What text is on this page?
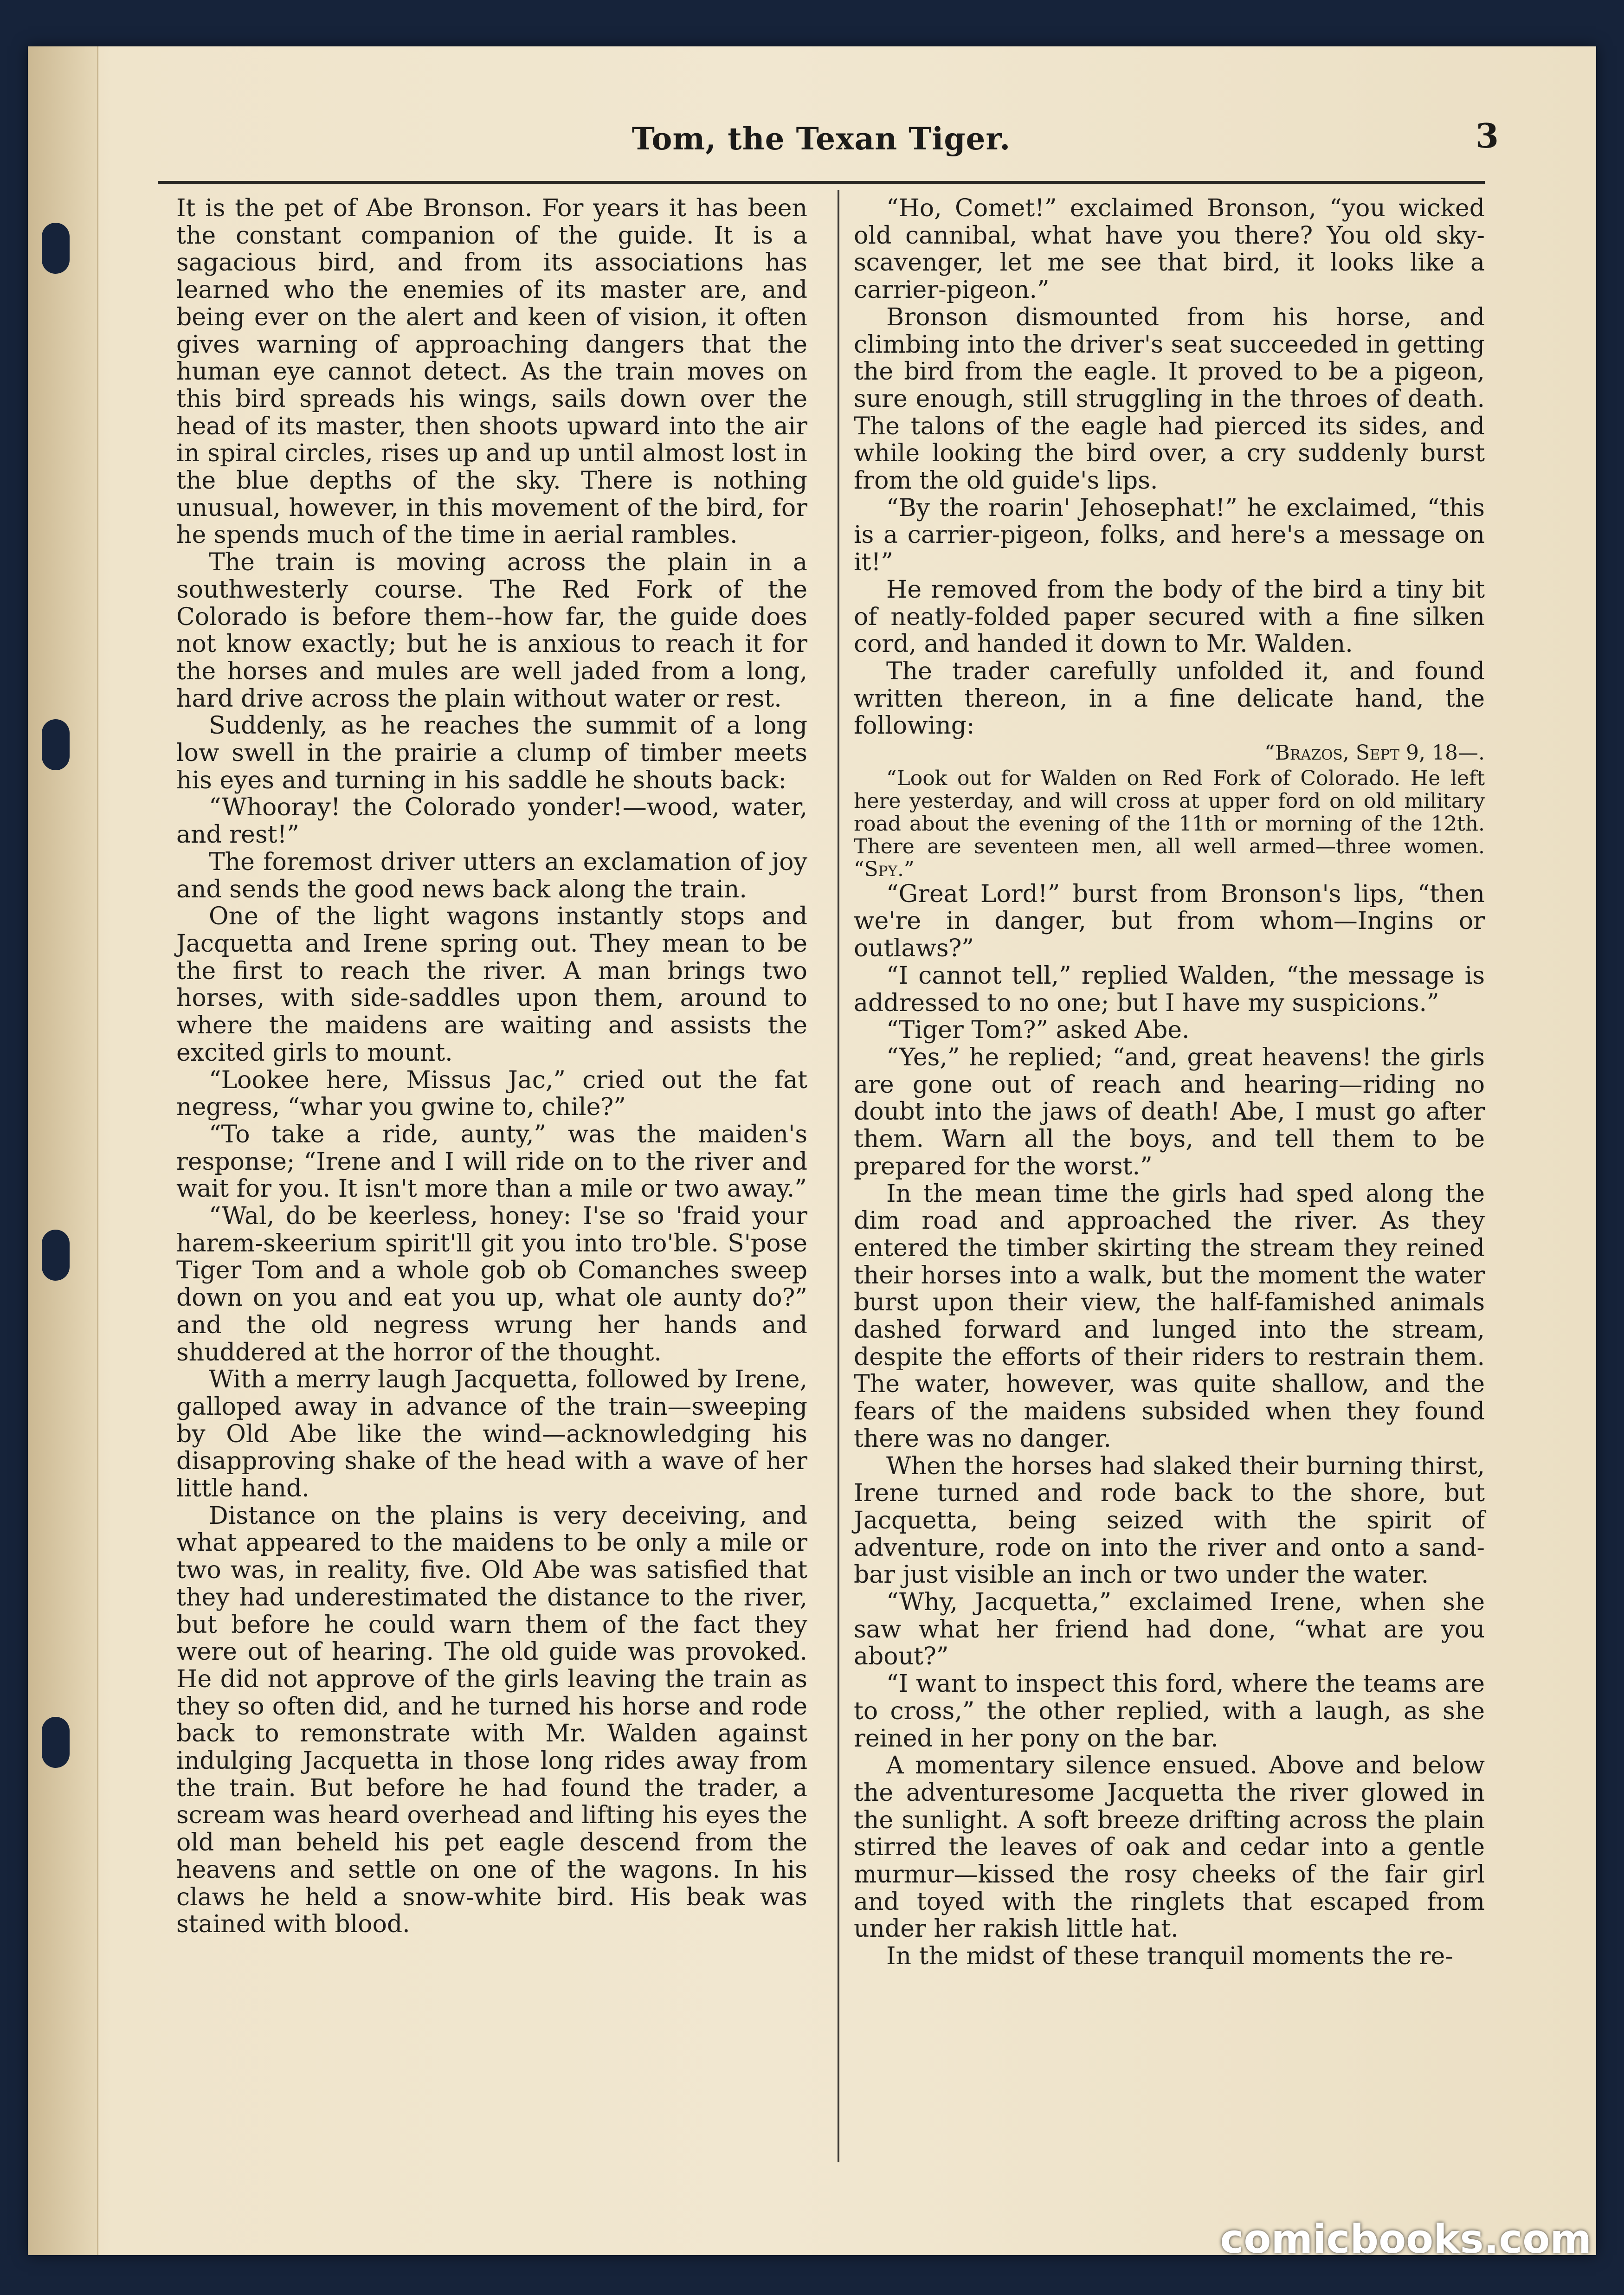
Tom, the Texan Tiger.	3

It is the pet of Abe Bronson. For years it has been the constant companion of the guide. It is a sagacious bird, and from its associations has learned who the enemies of its master are, and being ever on the alert and keen of vision, it often gives warning of approaching dangers that the human eye cannot detect. As the train moves on this bird spreads his wings, sails down over the head of its master, then shoots upward into the air in spiral circles, rises up and up until almost lost in the blue depths of the sky. There is nothing unusual, however, in this movement of the bird, for he spends much of the time in aerial rambles.

The train is moving across the plain in a southwesterly course. The Red Fork of the Colorado is before them--how far, the guide does not know exactly; but he is anxious to reach it for the horses and mules are well jaded from a long, hard drive across the plain without water or rest.

Suddenly, as he reaches the summit of a long low swell in the prairie a clump of timber meets his eyes and turning in his saddle he shouts back:

“Whooray! the Colorado yonder!—wood, water, and rest!”

The foremost driver utters an exclamation of joy and sends the good news back along the train.

One of the light wagons instantly stops and Jacquetta and Irene spring out. They mean to be the first to reach the river. A man brings two horses, with side-saddles upon them, around to where the maidens are waiting and assists the excited girls to mount.

“Lookee here, Missus Jac,” cried out the fat negress, “whar you gwine to, chile?”

“To take a ride, aunty,” was the maiden's response; “Irene and I will ride on to the river and wait for you. It isn't more than a mile or two away.”

“Wal, do be keerless, honey: I'se so 'fraid your harem-skeerium spirit'll git you into tro'ble. S'pose Tiger Tom and a whole gob ob Comanches sweep down on you and eat you up, what ole aunty do?” and the old negress wrung her hands and shuddered at the horror of the thought.

With a merry laugh Jacquetta, followed by Irene, galloped away in advance of the train—sweeping by Old Abe like the wind—acknowledging his disapproving shake of the head with a wave of her little hand.

Distance on the plains is very deceiving, and what appeared to the maidens to be only a mile or two was, in reality, five. Old Abe was satisfied that they had underestimated the distance to the river, but before he could warn them of the fact they were out of hearing. The old guide was provoked. He did not approve of the girls leaving the train as they so often did, and he turned his horse and rode back to remonstrate with Mr. Walden against indulging Jacquetta in those long rides away from the train. But before he had found the trader, a scream was heard overhead and lifting his eyes the old man beheld his pet eagle descend from the heavens and settle on one of the wagons. In his claws he held a snow-white bird. His beak was stained with blood.

“Ho, Comet!” exclaimed Bronson, “you wicked old cannibal, what have you there? You old sky-scavenger, let me see that bird, it looks like a carrier-pigeon.”

Bronson dismounted from his horse, and climbing into the driver's seat succeeded in getting the bird from the eagle. It proved to be a pigeon, sure enough, still struggling in the throes of death. The talons of the eagle had pierced its sides, and while looking the bird over, a cry suddenly burst from the old guide's lips.

“By the roarin' Jehosephat!” he exclaimed, “this is a carrier-pigeon, folks, and here's a message on it!”

He removed from the body of the bird a tiny bit of neatly-folded paper secured with a fine silken cord, and handed it down to Mr. Walden.

The trader carefully unfolded it, and found written thereon, in a fine delicate hand, the following:

“Brazos, Sept 9, 18—.

“Look out for Walden on Red Fork of Colorado. He left here yesterday, and will cross at upper ford on old military road about the evening of the 11th or morning of the 12th. There are seventeen men, all well armed—three women. “Spy.”

“Great Lord!” burst from Bronson's lips, “then we're in danger, but from whom—Ingins or outlaws?”

“I cannot tell,” replied Walden, “the message is addressed to no one; but I have my suspicions.”

“Tiger Tom?” asked Abe.

“Yes,” he replied; “and, great heavens! the girls are gone out of reach and hearing—riding no doubt into the jaws of death! Abe, I must go after them. Warn all the boys, and tell them to be prepared for the worst.”

In the mean time the girls had sped along the dim road and approached the river. As they entered the timber skirting the stream they reined their horses into a walk, but the moment the water burst upon their view, the half-famished animals dashed forward and lunged into the stream, despite the efforts of their riders to restrain them. The water, however, was quite shallow, and the fears of the maidens subsided when they found there was no danger.

When the horses had slaked their burning thirst, Irene turned and rode back to the shore, but Jacquetta, being seized with the spirit of adventure, rode on into the river and onto a sand-bar just visible an inch or two under the water.

“Why, Jacquetta,” exclaimed Irene, when she saw what her friend had done, “what are you about?”

“I want to inspect this ford, where the teams are to cross,” the other replied, with a laugh, as she reined in her pony on the bar.

A momentary silence ensued. Above and below the adventuresome Jacquetta the river glowed in the sunlight. A soft breeze drifting across the plain stirred the leaves of oak and cedar into a gentle murmur—kissed the rosy cheeks of the fair girl and toyed with the ringlets that escaped from under her rakish little hat.

In the midst of these tranquil moments the re-

comicbooks.com
